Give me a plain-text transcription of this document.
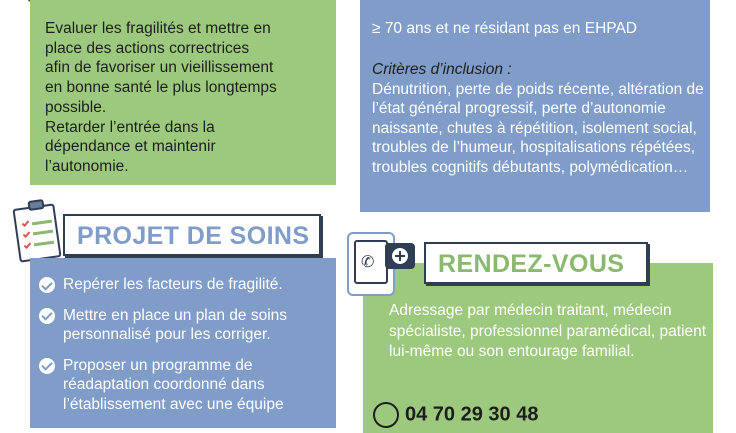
Evaluer les fragilités et mettre en
place des actions correctrices
afin de favoriser un vieillissement
en bonne santé le plus longtemps
possible.
Retarder l’entrée dans la
dépendance et maintenir
l’autonomie.
≥ 70 ans et ne résidant pas en EHPAD
Critères d’inclusion :
Dénutrition, perte de poids récente, altération de l’état général progressif, perte d’autonomie naissante, chutes à répétition, isolement social, troubles de l’humeur, hospitalisations répétées, troubles cognitifs débutants, polymédication…
PROJET DE SOINS
Repérer les facteurs de fragilité.
Mettre en place un plan de soins personnalisé pour les corriger.
Proposer un programme de réadaptation coordonné dans l’établissement avec une équipe
Adressage par médecin traitant, médecin spécialiste, professionnel paramédical, patient lui-même ou son entourage familial.
04 70 29 30 48
RENDEZ-VOUS
✆
